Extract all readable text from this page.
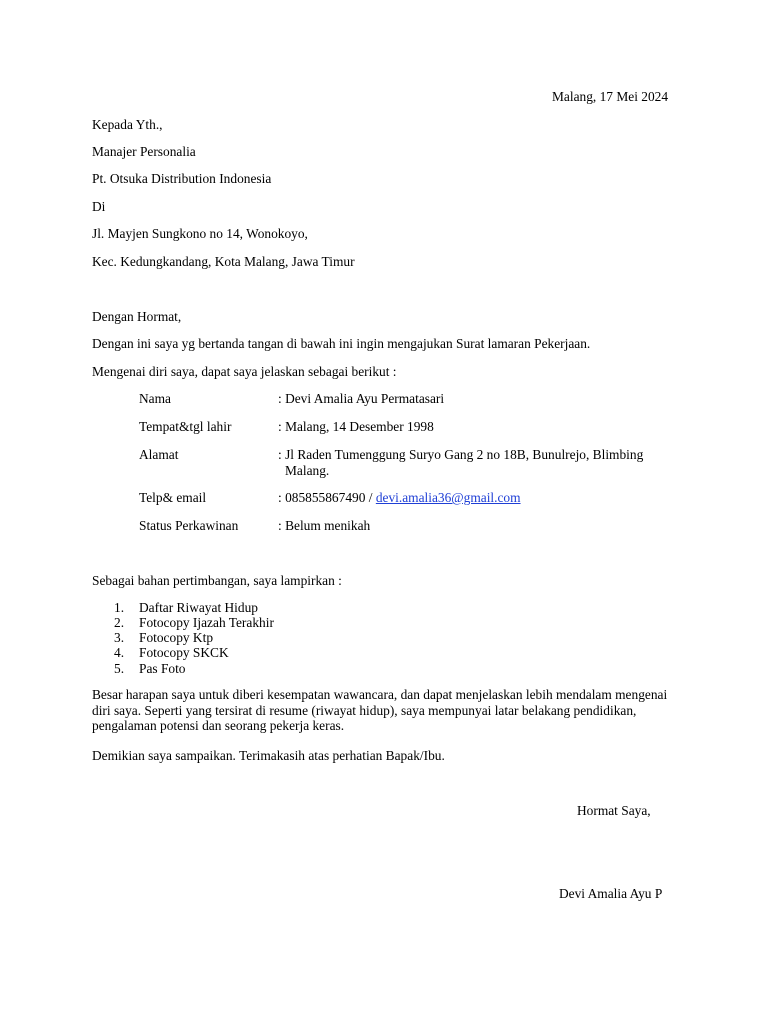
Malang, 17 Mei 2024
Kepada Yth.,
Manajer Personalia
Pt. Otsuka Distribution Indonesia
Di
Jl. Mayjen Sungkono no 14, Wonokoyo,
Kec. Kedungkandang, Kota Malang, Jawa Timur
Dengan Hormat,
Dengan ini saya yg bertanda tangan di bawah ini ingin mengajukan Surat lamaran Pekerjaan.
Mengenai diri saya, dapat saya jelaskan sebagai berikut :
Nama	: Devi Amalia Ayu Permatasari
Tempat&tgl lahir	: Malang, 14 Desember 1998
Alamat	: Jl Raden Tumenggung Suryo Gang 2 no 18B, Bunulrejo, Blimbing
Malang.
Telp& email	: 085855867490 / devi.amalia36@gmail.com
Status Perkawinan	: Belum menikah
Sebagai bahan pertimbangan, saya lampirkan :
1. Daftar Riwayat Hidup
2. Fotocopy Ijazah Terakhir
3. Fotocopy Ktp
4. Fotocopy SKCK
5. Pas Foto
Besar harapan saya untuk diberi kesempatan wawancara, dan dapat menjelaskan lebih mendalam mengenai diri saya. Seperti yang tersirat di resume (riwayat hidup), saya mempunyai latar belakang pendidikan, pengalaman potensi dan seorang pekerja keras.
Demikian saya sampaikan. Terimakasih atas perhatian Bapak/Ibu.
Hormat Saya,
Devi Amalia Ayu P
